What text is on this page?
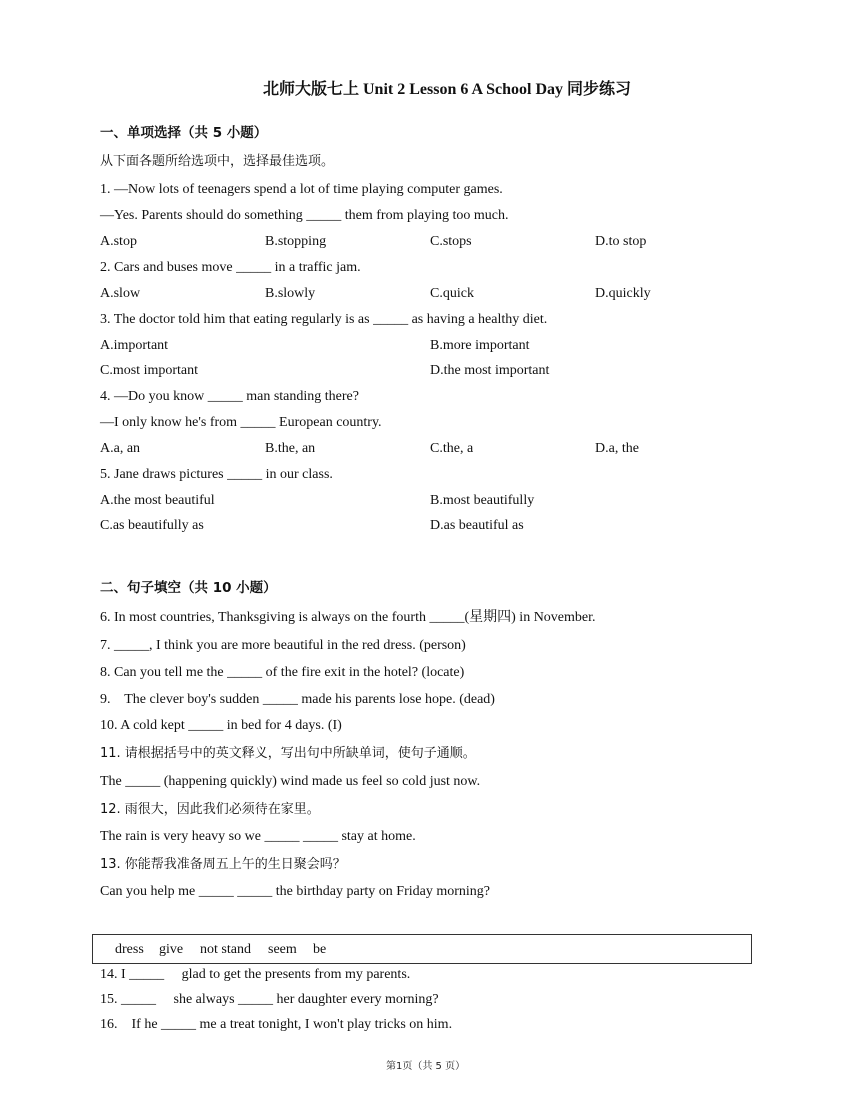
北师大版七上 Unit 2 Lesson 6 A School Day 同步练习
一、单项选择（共 5 小题）
从下面各题所给选项中，选择最佳选项。
1. —Now lots of teenagers spend a lot of time playing computer games.
—Yes. Parents should do something _____ them from playing too much.
A.stop	B.stopping	C.stops	D.to stop
2. Cars and buses move _____ in a traffic jam.
A.slow	B.slowly	C.quick	D.quickly
3. The doctor told him that eating regularly is as _____ as having a healthy diet.
A.important	B.more important
C.most important	D.the most important
4. —Do you know _____ man standing there?
—I only know he's from _____ European country.
A.a, an	B.the, an	C.the, a	D.a, the
5. Jane draws pictures _____ in our class.
A.the most beautiful	B.most beautifully
C.as beautifully as	D.as beautiful as
二、句子填空（共 10 小题）
6. In most countries, Thanksgiving is always on the fourth _____(星期四) in November.
7. _____, I think you are more beautiful in the red dress. (person)
8. Can you tell me the _____ of the fire exit in the hotel? (locate)
9.    The clever boy's sudden _____ made his parents lose hope. (dead)
10. A cold kept _____ in bed for 4 days. (I)
11. 请根据括号中的英文释义，写出句中所缺单词，使句子通顺。
The _____ (happening quickly) wind made us feel so cold just now.
12. 雨很大，因此我们必须待在家里。
The rain is very heavy so we _____ _____ stay at home.
13. 你能帮我准备周五上午的生日聚会吗？
Can you help me _____ _____ the birthday party on Friday morning?
dress give not stand seem be
14. I _____     glad to get the presents from my parents.
15. _____     she always _____ her daughter every morning?
16.    If he _____ me a treat tonight, I won't play tricks on him.
第1页（共 5 页）
